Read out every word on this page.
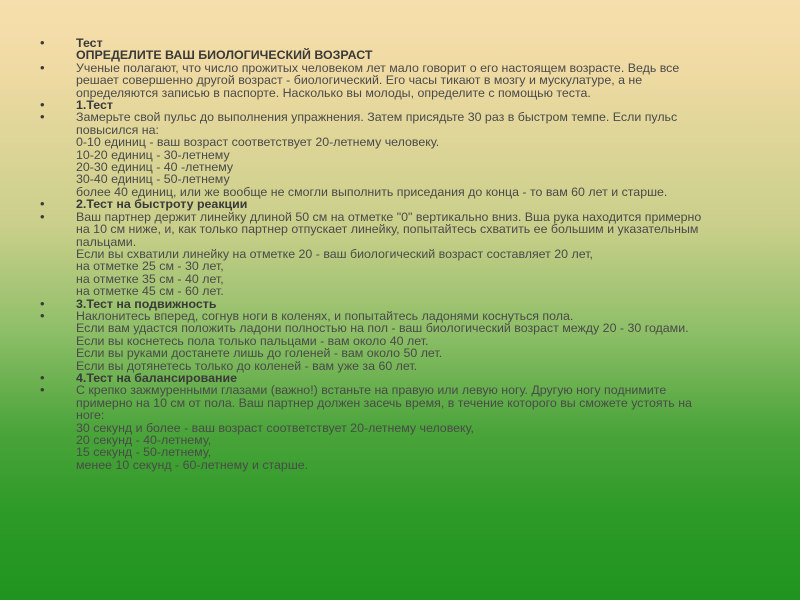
•	Тест
ОПРЕДЕЛИТЕ ВАШ БИОЛОГИЧЕСКИЙ ВОЗРАСТ
•	Ученые полагают, что число прожитых человеком лет мало говорит о его настоящем возрасте. Ведь все
решает совершенно другой возраст - биологический. Его часы тикают в мозгу и мускулатуре, а не
определяются записью в паспорте. Насколько вы молоды, определите с помощью теста.
•	1.Тест
•	Замерьте свой пульс до выполнения упражнения. Затем присядьте 30 раз в быстром темпе. Если пульс
повысился на:
0-10 единиц - ваш возраст соответствует 20-летнему человеку.
10-20 единиц - 30-летнему
20-30 единиц - 40 -летнему
30-40 единиц - 50-летнему
более 40 единиц, или же вообще не смогли выполнить приседания до конца - то вам 60 лет и старше.
•	2.Тест на быстроту реакции
•	Ваш партнер держит линейку длиной 50 см на отметке "0" вертикально вниз. Вша рука находится примерно
на 10 см ниже, и, как только партнер отпускает линейку, попытайтесь схватить ее большим и указательным
пальцами.
Если вы схватили линейку на отметке 20 - ваш биологический возраст составляет 20 лет,
на отметке 25 см - 30 лет,
на отметке 35 см - 40 лет,
на отметке 45 см - 60 лет.
•	3.Тест на подвижность
•	Наклонитесь вперед, согнув ноги в коленях, и попытайтесь ладонями коснуться пола.
Если вам удастся положить ладони полностью на пол - ваш биологический возраст между 20 - 30 годами.
Если вы коснетесь пола только пальцами - вам около 40 лет.
Если вы руками достанете лишь до голеней - вам около 50 лет.
Если вы дотянетесь только до коленей - вам уже за 60 лет.
•	4.Тест на балансирование
•	С крепко зажмуренными глазами (важно!) встаньте на правую или левую ногу. Другую ногу поднимите
примерно на 10 см от пола. Ваш партнер должен засечь время, в течение которого вы сможете устоять на
ноге:
30 секунд и более - ваш возраст соответствует 20-летнему человеку,
20 секунд - 40-летнему,
15 секунд - 50-летнему,
менее 10 секунд - 60-летнему и старше.
